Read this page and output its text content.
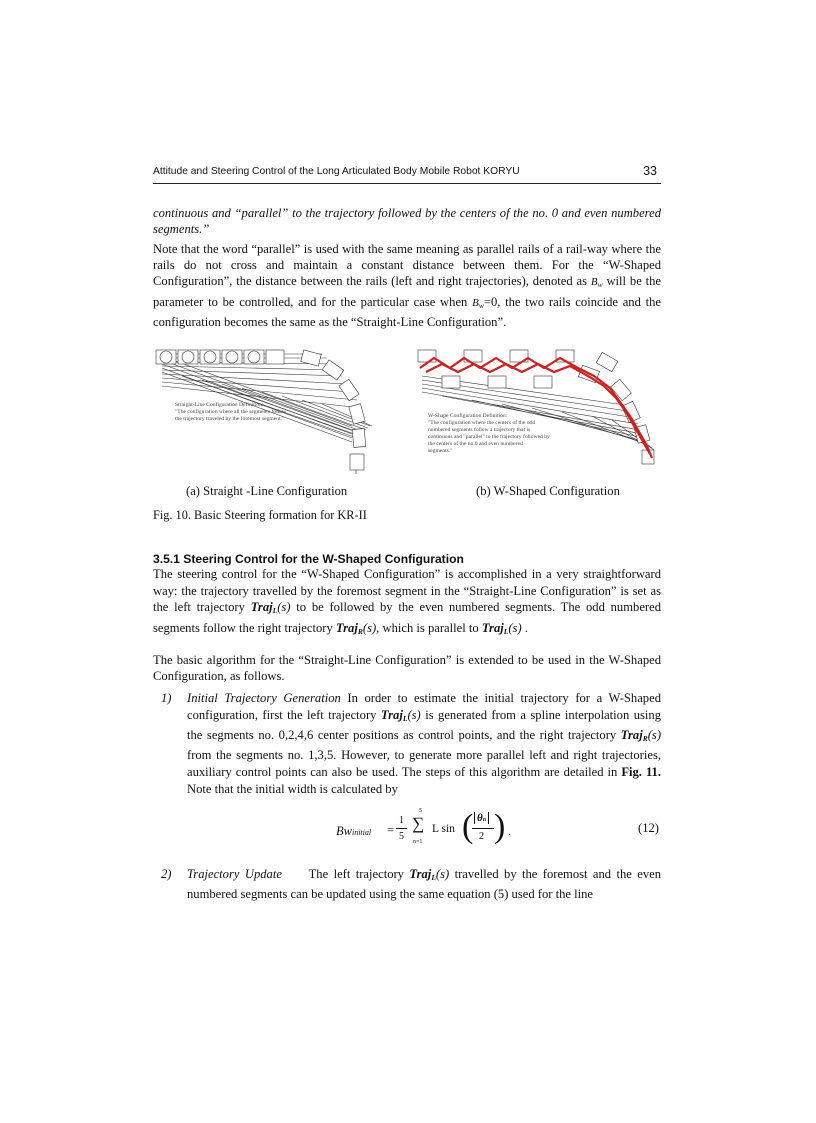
Attitude and Steering Control of the Long Articulated Body Mobile Robot KORYU	33
continuous and “parallel” to the trajectory followed by the centers of the no. 0 and even numbered segments.”
Note that the word “parallel” is used with the same meaning as parallel rails of a rail-way where the rails do not cross and maintain a constant distance between them. For the “W-Shaped Configuration”, the distance between the rails (left and right trajectories), denoted as $B_w$ will be the parameter to be controlled, and for the particular case when $B_w=0$, the two rails coincide and the configuration becomes the same as the “Straight-Line Configuration”.
Straight-Line Configuration Definition:
"The configuration where all the segments follow
the trajectory traveled by the foremost segment."	W-Shape Configuration Definition:
"The configuration where the centers of the odd
numbered segments follow a trajectory that is
continuous and "parallel" to the trajectory followed by
the centers of the no.0 and even numbered
segments."
(a) Straight -Line Configuration	(b) W-Shaped Configuration
Fig. 10. Basic Steering formation for KR-II
3.5.1 Steering Control for the W-Shaped Configuration
The steering control for the “W-Shaped Configuration” is accomplished in a very straightforward way: the trajectory travelled by the foremost segment in the “Straight-Line Configuration” is set as the left trajectory Traj$_L$(s) to be followed by the even numbered segments. The odd numbered segments follow the right trajectory Traj$_R$(s), which is parallel to Traj$_L$(s) .
The basic algorithm for the “Straight-Line Configuration” is extended to be used in the W-Shaped Configuration, as follows.
1) Initial Trajectory Generation In order to estimate the initial trajectory for a W-Shaped configuration, first the left trajectory Traj$_L$(s) is generated from a spline interpolation using the segments no. 0,2,4,6 center positions as control points, and the right trajectory Traj$_R$(s) from the segments no. 1,3,5. However, to generate more parallel left and right trajectories, auxiliary control points can also be used. The steps of this algorithm are detailed in Fig. 11. Note that the initial width is calculated by
Bwinitial =
1
5
5
∑
n=1
L sin ( θn
2 ) .	(12)
2) Trajectory Update The left trajectory Traj$_L$(s) travelled by the foremost and the even numbered segments can be updated using the same equation (5) used for the line
